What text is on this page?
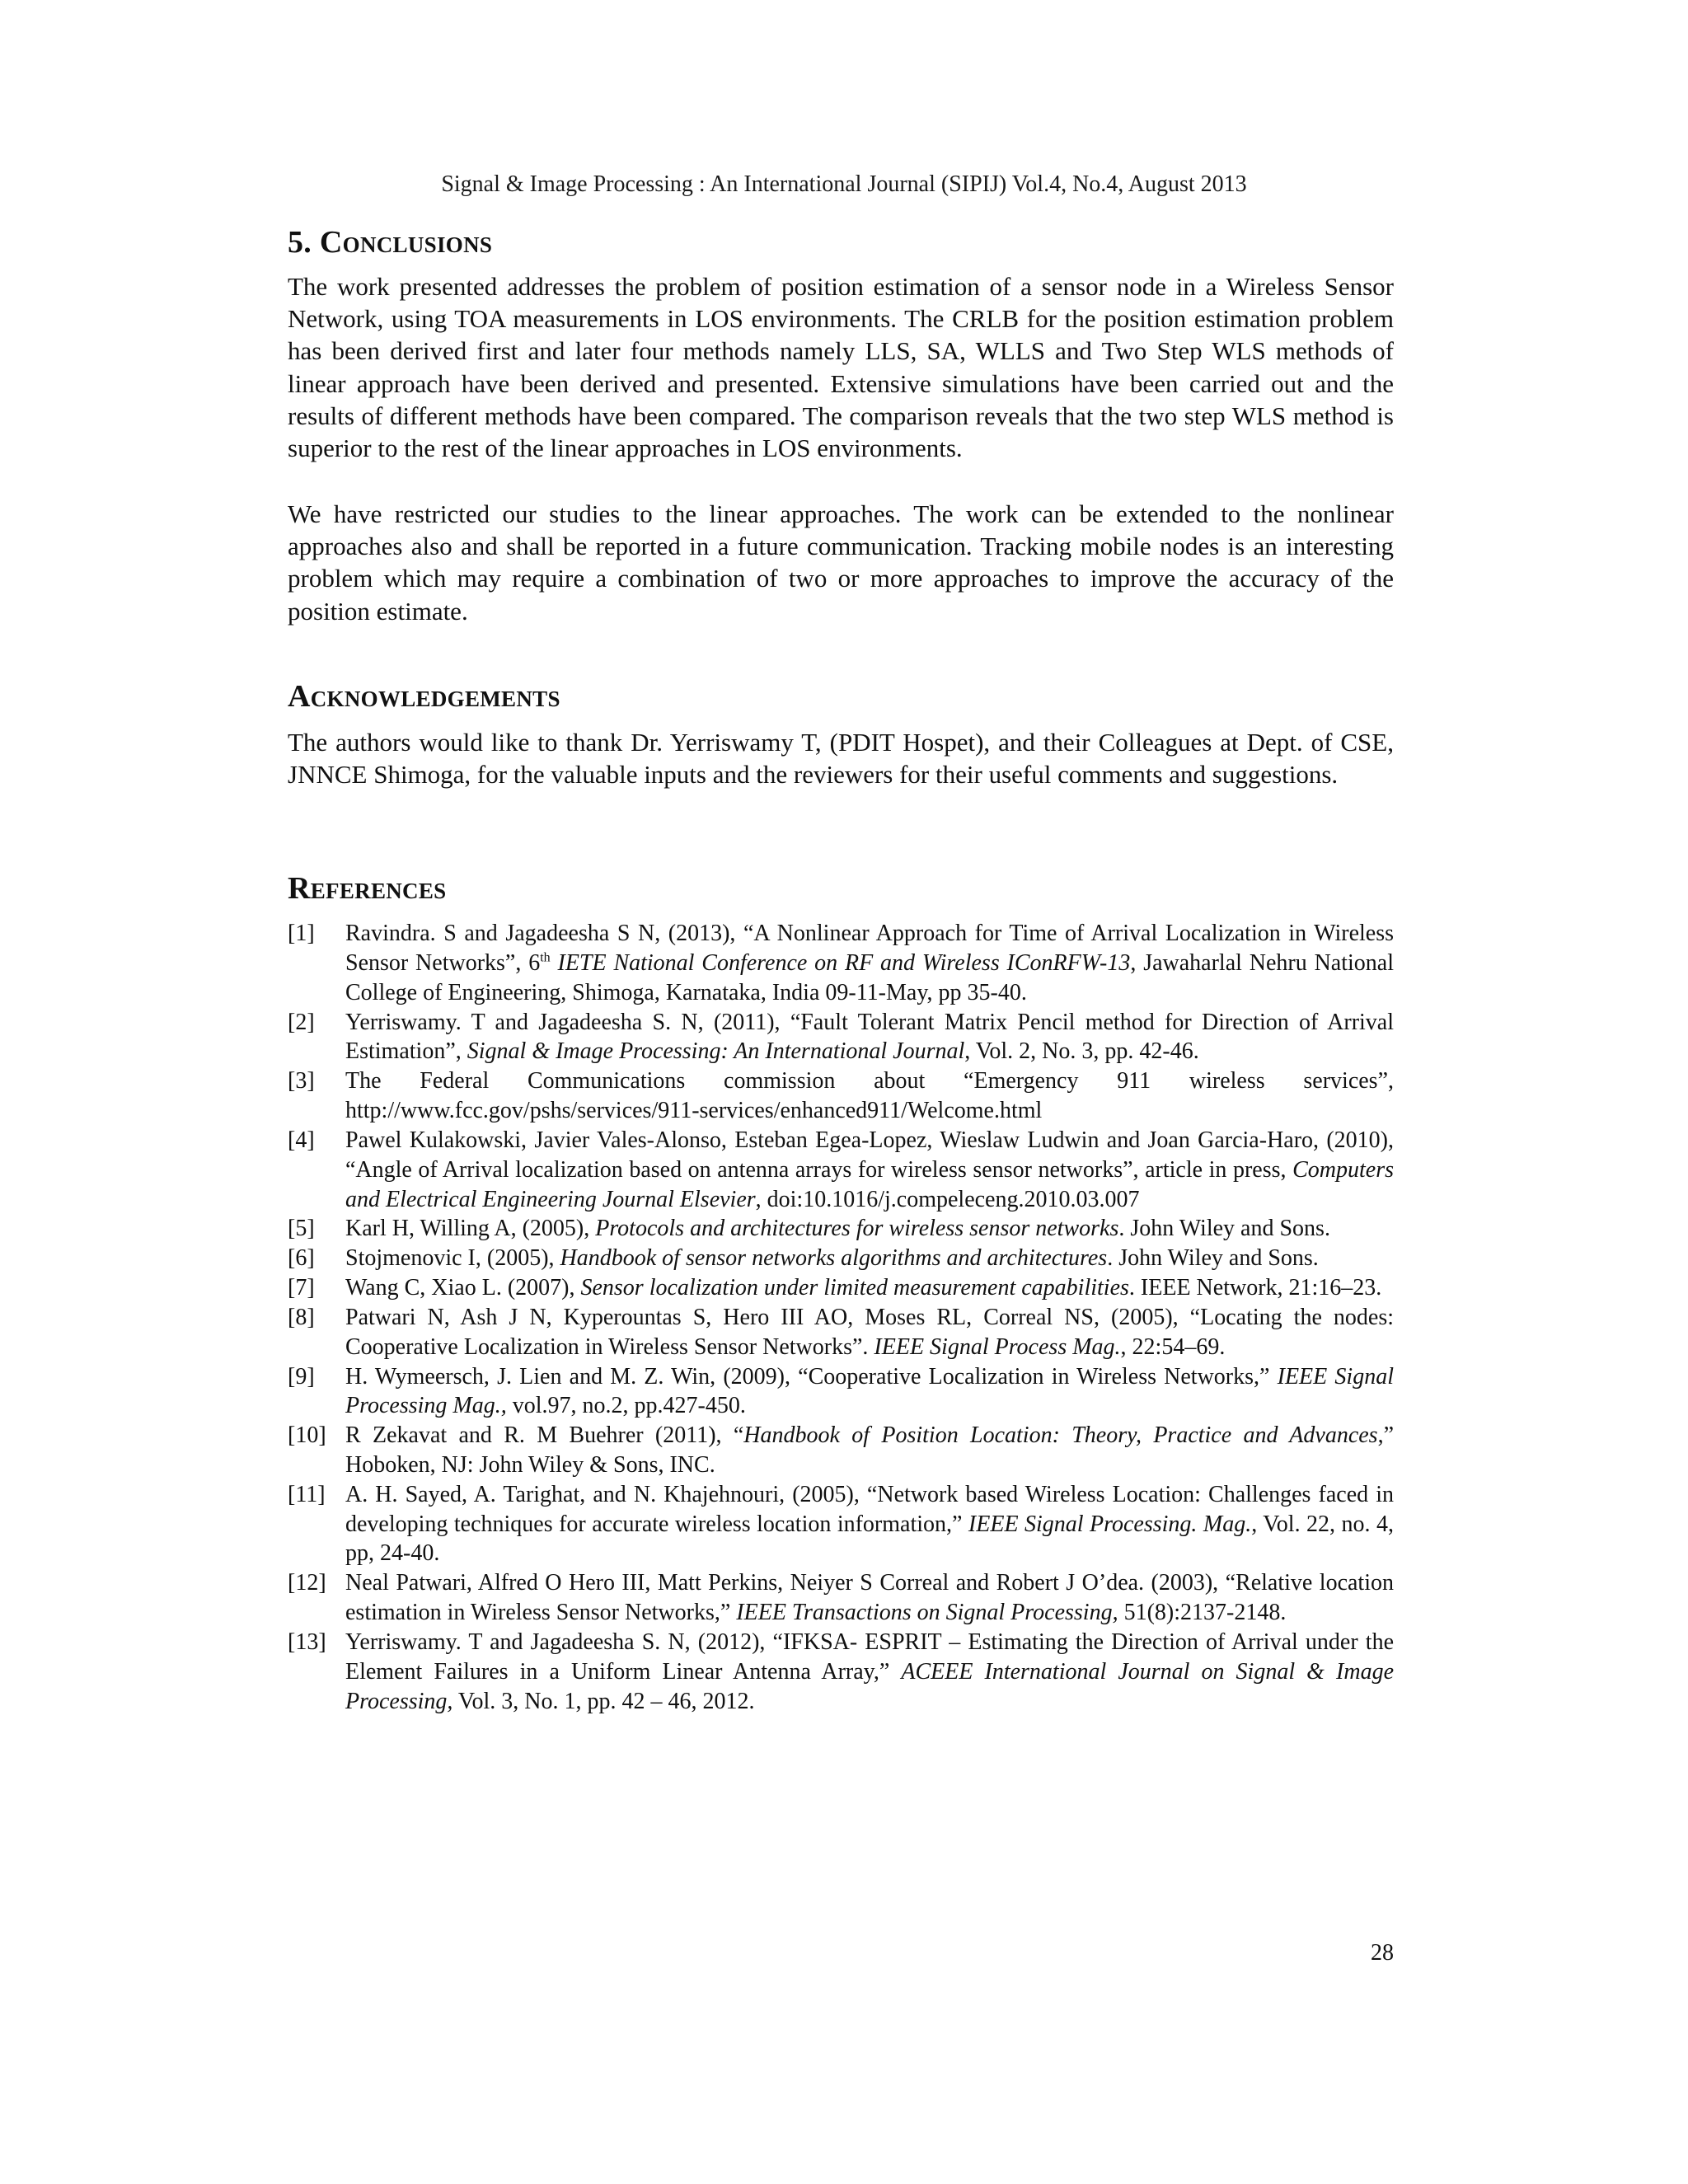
Signal & Image Processing : An International Journal (SIPIJ) Vol.4, No.4, August 2013
5. Conclusions

The work presented addresses the problem of position estimation of a sensor node in a Wireless Sensor Network, using TOA measurements in LOS environments. The CRLB for the position estimation problem has been derived first and later four methods namely LLS, SA, WLLS and Two Step WLS methods of linear approach have been derived and presented. Extensive simulations have been carried out and the results of different methods have been compared. The comparison reveals that the two step WLS method is superior to the rest of the linear approaches in LOS environments.

We have restricted our studies to the linear approaches. The work can be extended to the nonlinear approaches also and shall be reported in a future communication. Tracking mobile nodes is an interesting problem which may require a combination of two or more approaches to improve the accuracy of the position estimate.

Acknowledgements

The authors would like to thank Dr. Yerriswamy T, (PDIT Hospet), and their Colleagues at Dept. of CSE, JNNCE Shimoga, for the valuable inputs and the reviewers for their useful comments and suggestions.

References
[1] Ravindra. S and Jagadeesha S N, (2013), “A Nonlinear Approach for Time of Arrival Localization in Wireless Sensor Networks”, 6th IETE National Conference on RF and Wireless IConRFW-13, Jawaharlal Nehru National College of Engineering, Shimoga, Karnataka, India 09-11-May, pp 35-40.
[2] Yerriswamy. T and Jagadeesha S. N, (2011), “Fault Tolerant Matrix Pencil method for Direction of Arrival Estimation”, Signal & Image Processing: An International Journal, Vol. 2, No. 3, pp. 42-46.
[3] The Federal Communications commission about “Emergency 911 wireless services”, http://www.fcc.gov/pshs/services/911-services/enhanced911/Welcome.html
[4] Pawel Kulakowski, Javier Vales-Alonso, Esteban Egea-Lopez, Wieslaw Ludwin and Joan Garcia-Haro, (2010), “Angle of Arrival localization based on antenna arrays for wireless sensor networks”, article in press, Computers and Electrical Engineering Journal Elsevier, doi:10.1016/j.compeleceng.2010.03.007
[5] Karl H, Willing A, (2005), Protocols and architectures for wireless sensor networks. John Wiley and Sons.
[6] Stojmenovic I, (2005), Handbook of sensor networks algorithms and architectures. John Wiley and Sons.
[7] Wang C, Xiao L. (2007), Sensor localization under limited measurement capabilities. IEEE Network, 21:16–23.
[8] Patwari N, Ash J N, Kyperountas S, Hero III AO, Moses RL, Correal NS, (2005), “Locating the nodes: Cooperative Localization in Wireless Sensor Networks”. IEEE Signal Process Mag., 22:54–69.
[9] H. Wymeersch, J. Lien and M. Z. Win, (2009), “Cooperative Localization in Wireless Networks,” IEEE Signal Processing Mag., vol.97, no.2, pp.427-450.
[10] R Zekavat and R. M Buehrer (2011), “Handbook of Position Location: Theory, Practice and Advances,” Hoboken, NJ: John Wiley & Sons, INC.
[11] A. H. Sayed, A. Tarighat, and N. Khajehnouri, (2005), “Network based Wireless Location: Challenges faced in developing techniques for accurate wireless location information,” IEEE Signal Processing. Mag., Vol. 22, no. 4, pp, 24-40.
[12] Neal Patwari, Alfred O Hero III, Matt Perkins, Neiyer S Correal and Robert J O’dea. (2003), “Relative location estimation in Wireless Sensor Networks,” IEEE Transactions on Signal Processing, 51(8):2137-2148.
[13] Yerriswamy. T and Jagadeesha S. N, (2012), “IFKSA- ESPRIT – Estimating the Direction of Arrival under the Element Failures in a Uniform Linear Antenna Array,” ACEEE International Journal on Signal & Image Processing, Vol. 3, No. 1, pp. 42 – 46, 2012.
28
